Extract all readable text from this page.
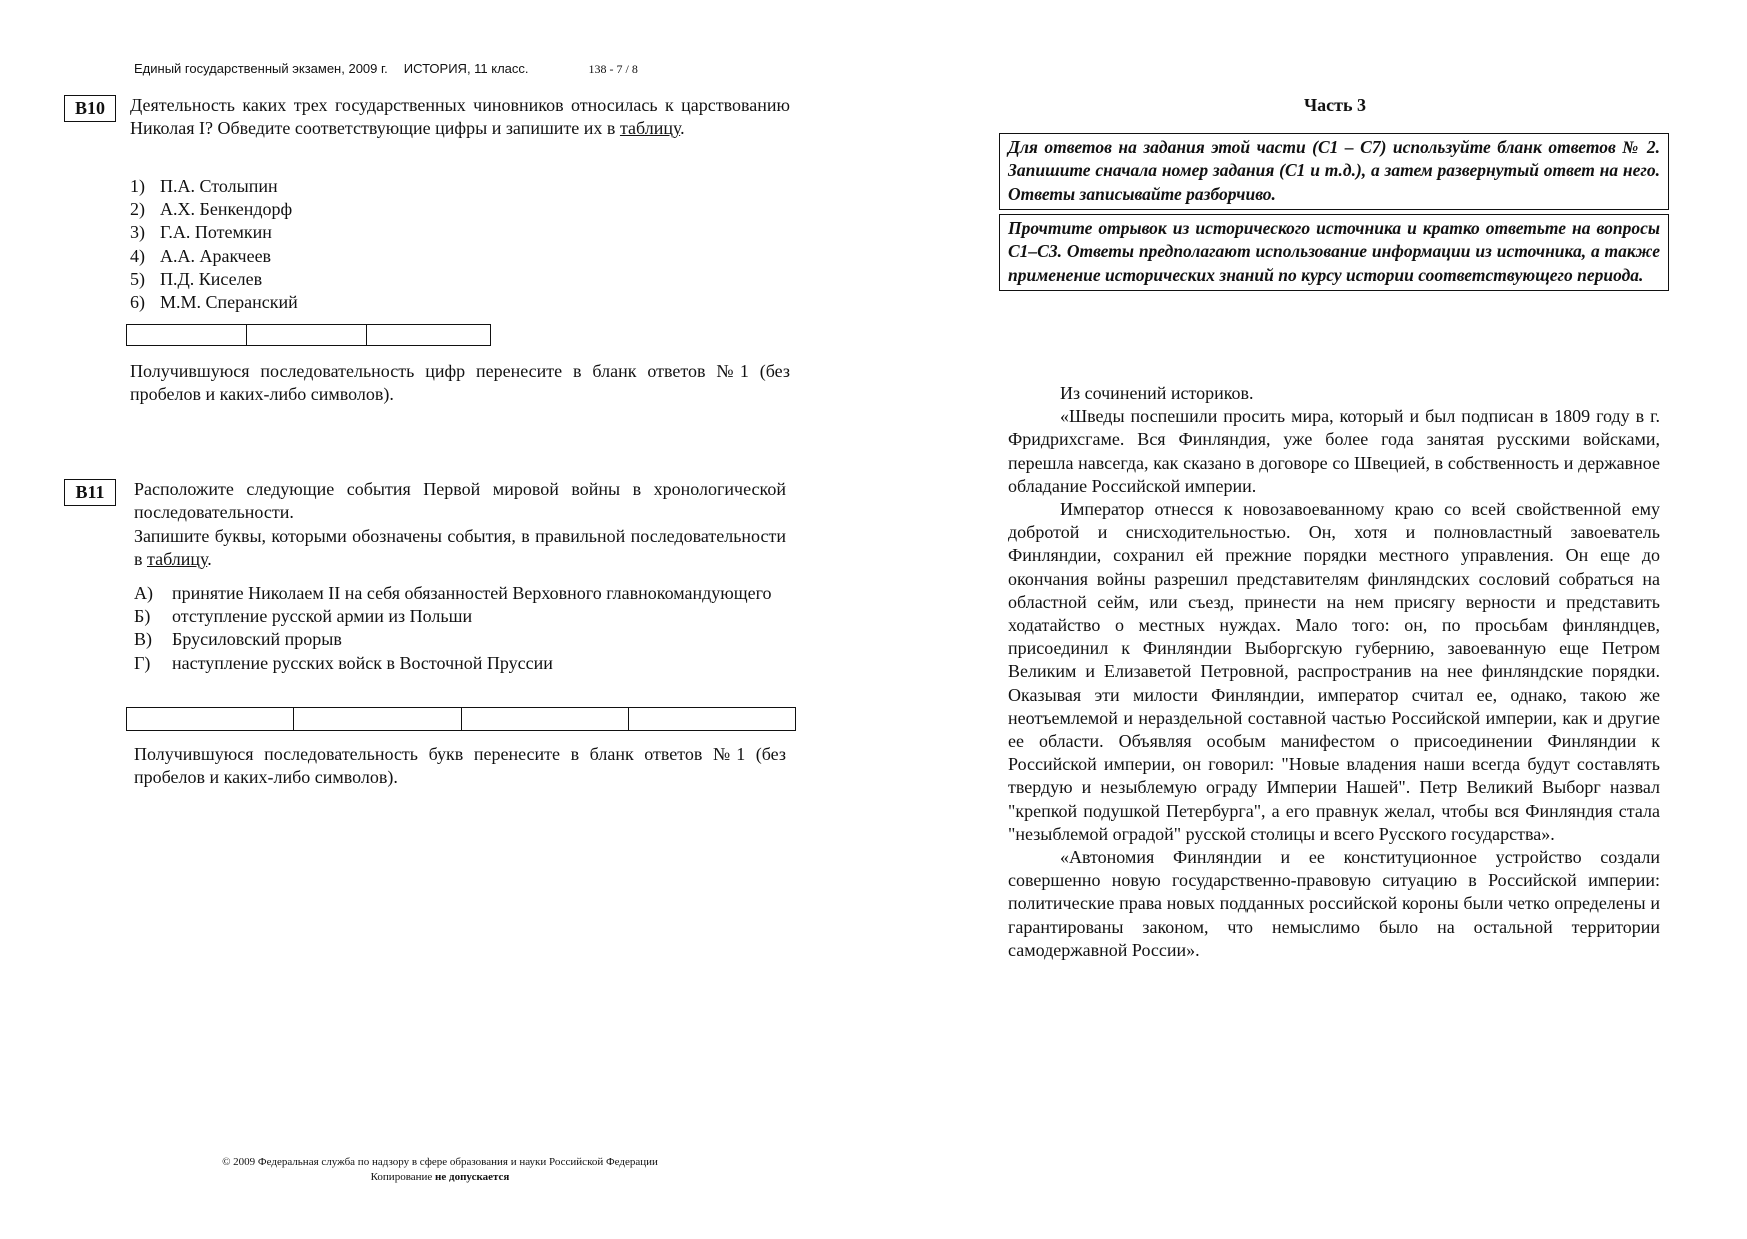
Единый государственный экзамен, 2009 г. ИСТОРИЯ, 11 класс.	138 - 7 / 8
В10	Деятельность каких трех государственных чиновников относилась к царствованию Николая I? Обведите соответствующие цифры и запишите их в таблицу.
1) П.А. Столыпин
2) А.Х. Бенкендорф
3) Г.А. Потемкин
4) А.А. Аракчеев
5) П.Д. Киселев
6) М.М. Сперанский

Получившуюся последовательность цифр перенесите в бланк ответов №1 (без пробелов и каких-либо символов).
В11	Расположите следующие события Первой мировой войны в хронологической последовательности.
Запишите буквы, которыми обозначены события, в правильной последовательности в таблицу.
А)	принятие Николаем II на себя обязанностей Верховного главнокомандующего
Б)	отступление русской армии из Польши
В)	Брусиловский прорыв
Г)	наступление русских войск в Восточной Пруссии

Получившуюся последовательность букв перенесите в бланк ответов №1 (без пробелов и каких-либо символов).
© 2009 Федеральная служба по надзору в сфере образования и науки Российской Федерации
Копирование не допускается
Часть 3
Для ответов на задания этой части (С1 – С7) используйте бланк ответов № 2. Запишите сначала номер задания (С1 и т.д.), а затем развернутый ответ на него. Ответы записывайте разборчиво.
Прочтите отрывок из исторического источника и кратко ответьте на вопросы С1–С3. Ответы предполагают использование информации из источника, а также применение исторических знаний по курсу истории соответствующего периода.

Из сочинений историков.

«Шведы поспешили просить мира, который и был подписан в 1809 году в г. Фридрихсгаме. Вся Финляндия, уже более года занятая русскими войсками, перешла навсегда, как сказано в договоре со Швецией, в собственность и державное обладание Российской империи.

Император отнесся к новозавоеванному краю со всей свойственной ему добротой и снисходительностью. Он, хотя и полновластный завоеватель Финляндии, сохранил ей прежние порядки местного управления. Он еще до окончания войны разрешил представителям финляндских сословий собраться на областной сейм, или съезд, принести на нем присягу верности и представить ходатайство о местных нуждах. Мало того: он, по просьбам финляндцев, присоединил к Финляндии Выборгскую губернию, завоеванную еще Петром Великим и Елизаветой Петровной, распространив на нее финляндские порядки. Оказывая эти милости Финляндии, император считал ее, однако, такою же неотъемлемой и нераздельной составной частью Российской империи, как и другие ее области. Объявляя особым манифестом о присоединении Финляндии к Российской империи, он говорил: "Новые владения наши всегда будут составлять твердую и незыблемую ограду Империи Нашей". Петр Великий Выборг назвал "крепкой подушкой Петербурга", а его правнук желал, чтобы вся Финляндия стала "незыблемой оградой" русской столицы и всего Русского государства».

«Автономия Финляндии и ее конституционное устройство создали совершенно новую государственно-правовую ситуацию в Российской империи: политические права новых подданных российской короны были четко определены и гарантированы законом, что немыслимо было на остальной территории самодержавной России».
